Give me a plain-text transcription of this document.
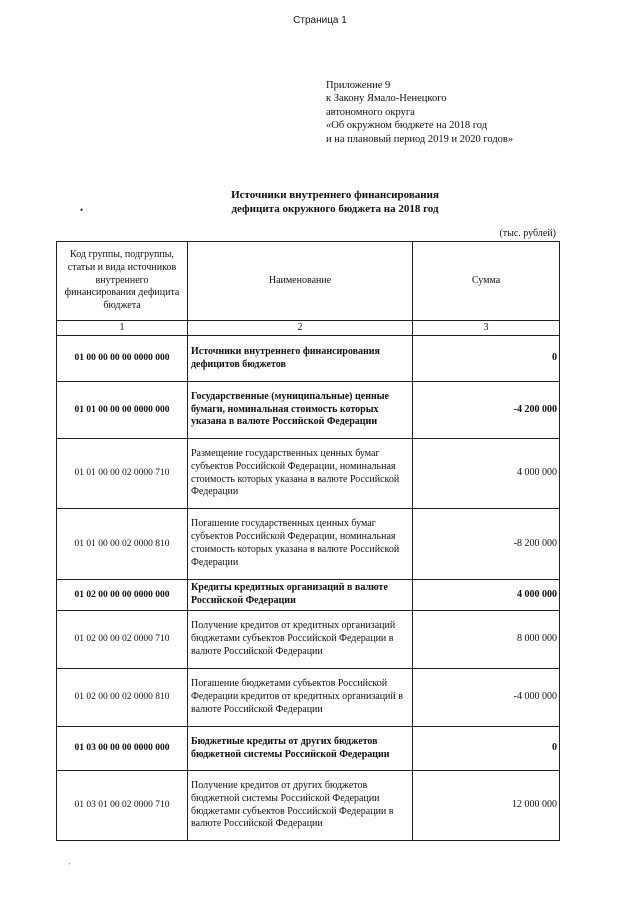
Страница 1
Приложение 9
к Закону Ямало-Ненецкого
автономного округа
«Об окружном бюджете на 2018 год
и на плановый период 2019 и 2020 годов»
Источники внутреннего финансирования
дефицита окружного бюджета на 2018 год
•
(тыс. рублей)
Код группы, подгруппы, статьи и вида источников внутреннего финансирования дефицита бюджета	Наименование	Сумма
1	2	3
01 00 00 00 00 0000 000	Источники внутреннего финансирования дефицитов бюджетов	0
01 01 00 00 00 0000 000	Государственные (муниципальные) ценные бумаги, номинальная стоимость которых указана в валюте Российской Федерации	-4 200 000
01 01 00 00 02 0000 710	Размещение государственных ценных бумаг субъектов Российской Федерации, номинальная стоимость которых указана в валюте Российской Федерации	4 000 000
01 01 00 00 02 0000 810	Погашение государственных ценных бумаг субъектов Российской Федерации, номинальная стоимость которых указана в валюте Российской Федерации	-8 200 000
01 02 00 00 00 0000 000	Кредиты кредитных организаций в валюте Российской Федерации	4 000 000
01 02 00 00 02 0000 710	Получение кредитов от кредитных организаций бюджетами субъектов Российской Федерации в валюте Российской Федерации	8 000 000
01 02 00 00 02 0000 810	Погашение бюджетами субъектов Российской Федерации кредитов от кредитных организаций в валюте Российской Федерации	-4 000 000
01 03 00 00 00 0000 000	Бюджетные кредиты от других бюджетов бюджетной системы Российской Федерации	0
01 03 01 00 02 0000 710	Получение кредитов от других бюджетов бюджетной системы Российской Федерации бюджетами субъектов Российской Федерации в валюте Российской Федерации	12 000 000
’
